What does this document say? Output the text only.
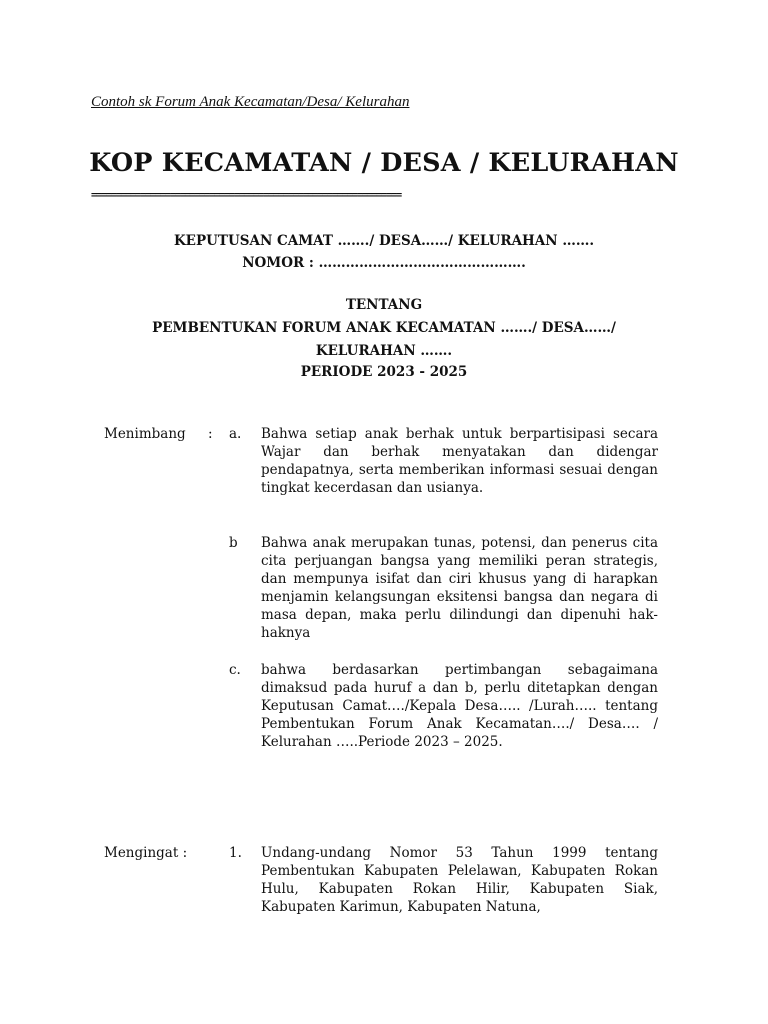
Contoh sk Forum Anak Kecamatan/Desa/ Kelurahan
KOP KECAMATAN / DESA / KELURAHAN
===============================================================
KEPUTUSAN CAMAT ……./ DESA……/ KELURAHAN …….
NOMOR : ……………………………………….
TENTANG
PEMBENTUKAN FORUM ANAK KECAMATAN ……./ DESA……/
KELURAHAN …….
PERIODE 2023 - 2025
Menimbang : a. Bahwa setiap anak berhak untuk berpartisipasi secara Wajar dan berhak menyatakan dan didengar pendapatnya, serta memberikan informasi sesuai dengan tingkat kecerdasan dan usianya.
b Bahwa anak merupakan tunas, potensi, dan penerus cita cita perjuangan bangsa yang memiliki peran strategis, dan mempunya isifat dan ciri khusus yang di harapkan menjamin kelangsungan eksitensi bangsa dan negara di masa depan, maka perlu dilindungi dan dipenuhi hak-haknya
c. bahwa berdasarkan pertimbangan sebagaimana dimaksud pada huruf a dan b, perlu ditetapkan dengan Keputusan Camat…./Kepala Desa….. /Lurah….. tentang Pembentukan Forum Anak Kecamatan…./ Desa…. / Kelurahan …..Periode 2023 – 2025.
Mengingat :	1. Undang-undang Nomor 53 Tahun 1999 tentang Pembentukan Kabupaten Pelelawan, Kabupaten Rokan Hulu, Kabupaten Rokan Hilir, Kabupaten Siak, Kabupaten Karimun, Kabupaten Natuna,
